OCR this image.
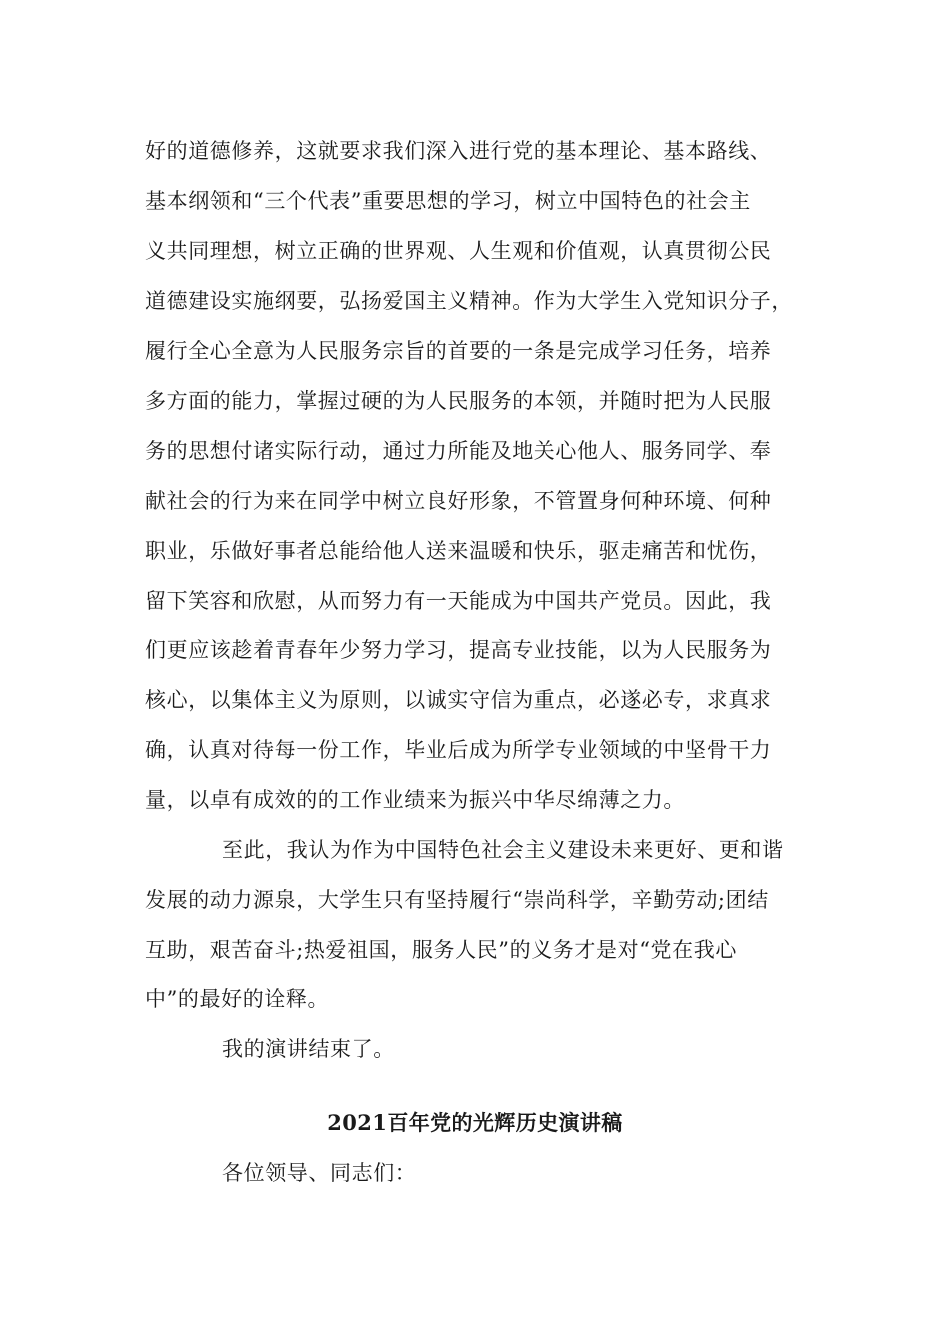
好的道德修养，这就要求我们深入进行党的基本理论、基本路线、
基本纲领和“三个代表”重要思想的学习，树立中国特色的社会主
义共同理想，树立正确的世界观、人生观和价值观，认真贯彻公民
道德建设实施纲要，弘扬爱国主义精神。作为大学生入党知识分子，
履行全心全意为人民服务宗旨的首要的一条是完成学习任务，培养
多方面的能力，掌握过硬的为人民服务的本领，并随时把为人民服
务的思想付诸实际行动，通过力所能及地关心他人、服务同学、奉
献社会的行为来在同学中树立良好形象，不管置身何种环境、何种
职业，乐做好事者总能给他人送来温暖和快乐，驱走痛苦和忧伤，
留下笑容和欣慰，从而努力有一天能成为中国共产党员。因此，我
们更应该趁着青春年少努力学习，提高专业技能，以为人民服务为
核心，以集体主义为原则，以诚实守信为重点，必遂必专，求真求
确，认真对待每一份工作，毕业后成为所学专业领域的中坚骨干力
量，以卓有成效的的工作业绩来为振兴中华尽绵薄之力。
至此，我认为作为中国特色社会主义建设未来更好、更和谐
发展的动力源泉，大学生只有坚持履行“崇尚科学，辛勤劳动;团结
互助，艰苦奋斗;热爱祖国，服务人民”的义务才是对“党在我心
中”的最好的诠释。
我的演讲结束了。
2021百年党的光辉历史演讲稿
各位领导、同志们：
